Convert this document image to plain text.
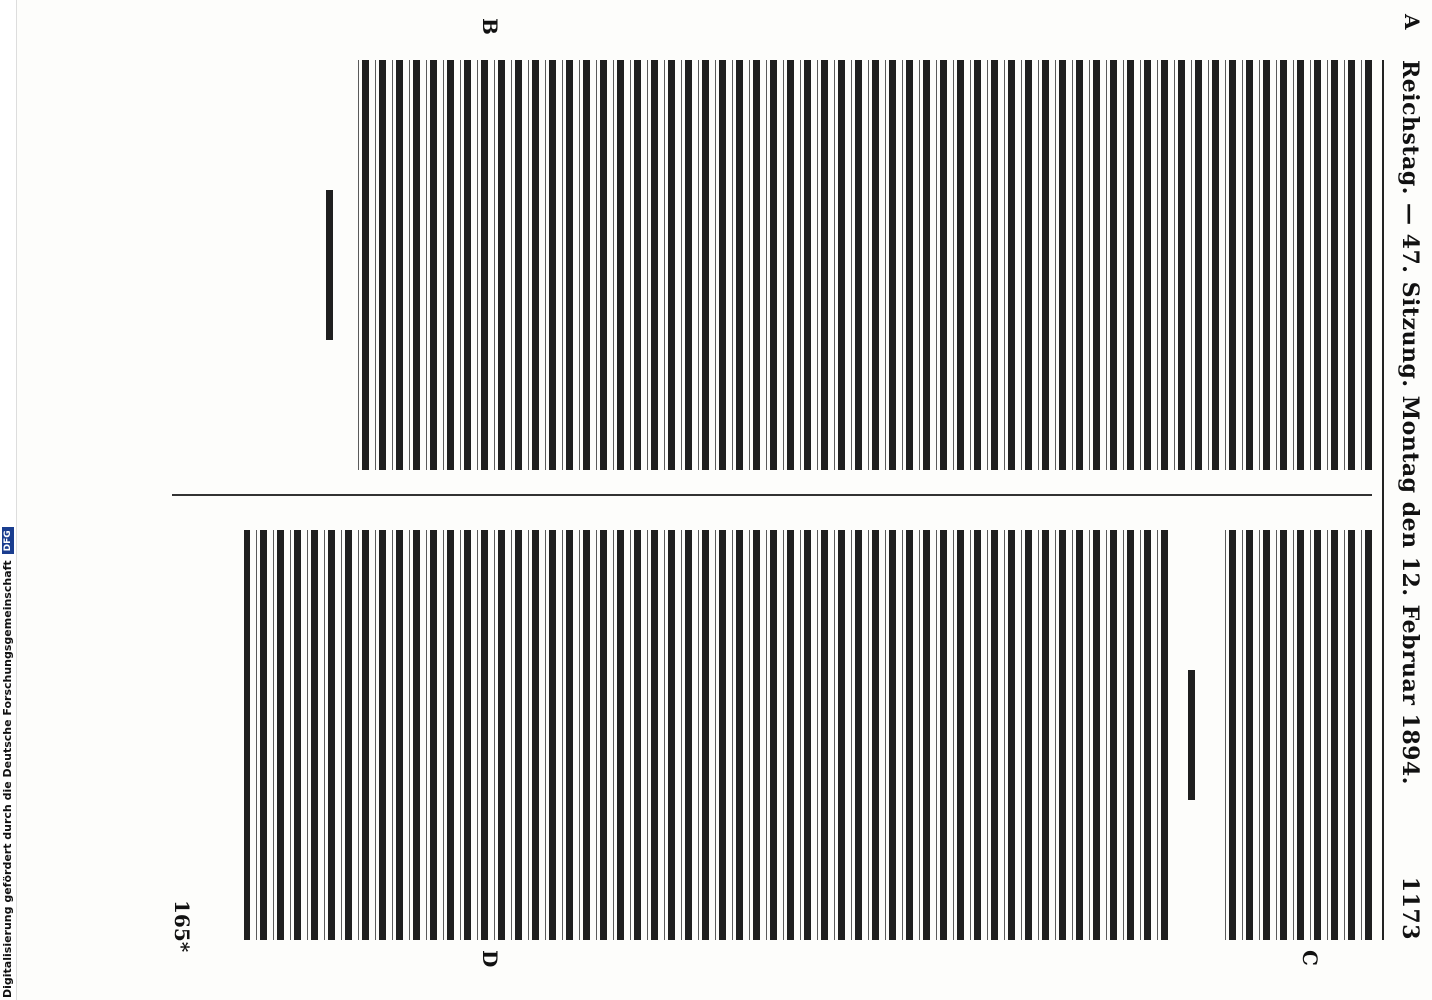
Reichstag. — 47. Sitzung. Montag den 12. Februar 1894.
1173
A
B
C
D
165*
Digitalisierung gefördert durch die Deutsche Forschungsgemeinschaft
DFG
